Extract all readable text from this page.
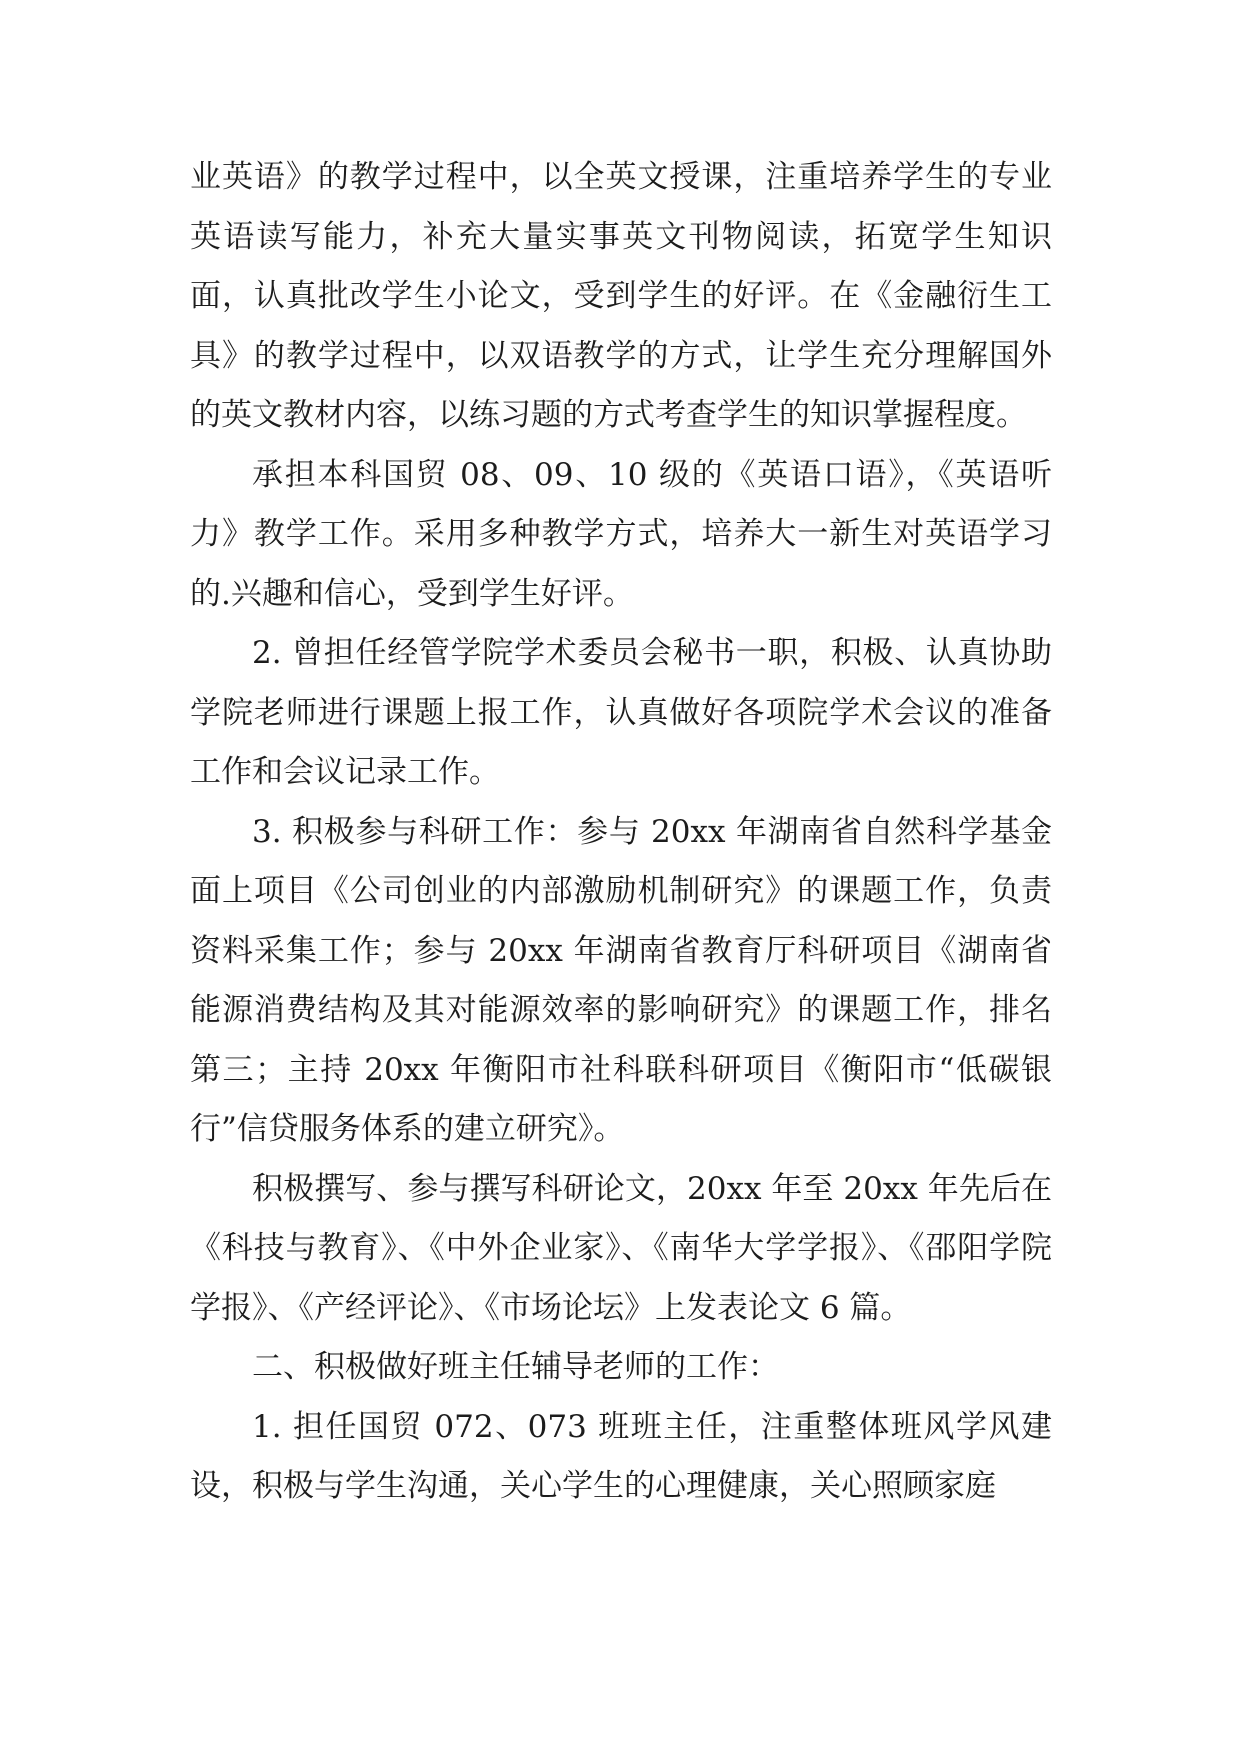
业英语》的教学过程中，以全英文授课，注重培养学生的专业英语读写能力，补充大量实事英文刊物阅读，拓宽学生知识面，认真批改学生小论文，受到学生的好评。在《金融衍生工具》的教学过程中，以双语教学的方式，让学生充分理解国外的英文教材内容，以练习题的方式考查学生的知识掌握程度。

承担本科国贸 08、09、10 级的《英语口语》，《英语听力》教学工作。采用多种教学方式，培养大一新生对英语学习的.兴趣和信心，受到学生好评。

2. 曾担任经管学院学术委员会秘书一职，积极、认真协助学院老师进行课题上报工作，认真做好各项院学术会议的准备工作和会议记录工作。

3. 积极参与科研工作：参与 20xx 年湖南省自然科学基金面上项目《公司创业的内部激励机制研究》的课题工作，负责资料采集工作；参与 20xx 年湖南省教育厅科研项目《湖南省能源消费结构及其对能源效率的影响研究》的课题工作，排名第三；主持 20xx 年衡阳市社科联科研项目《衡阳市“低碳银行”信贷服务体系的建立研究》。

积极撰写、参与撰写科研论文，20xx 年至 20xx 年先后在《科技与教育》、《中外企业家》、《南华大学学报》、《邵阳学院学报》、《产经评论》、《市场论坛》上发表论文 6 篇。

二、积极做好班主任辅导老师的工作：

1. 担任国贸 072、073 班班主任，注重整体班风学风建设，积极与学生沟通，关心学生的心理健康，关心照顾家庭
